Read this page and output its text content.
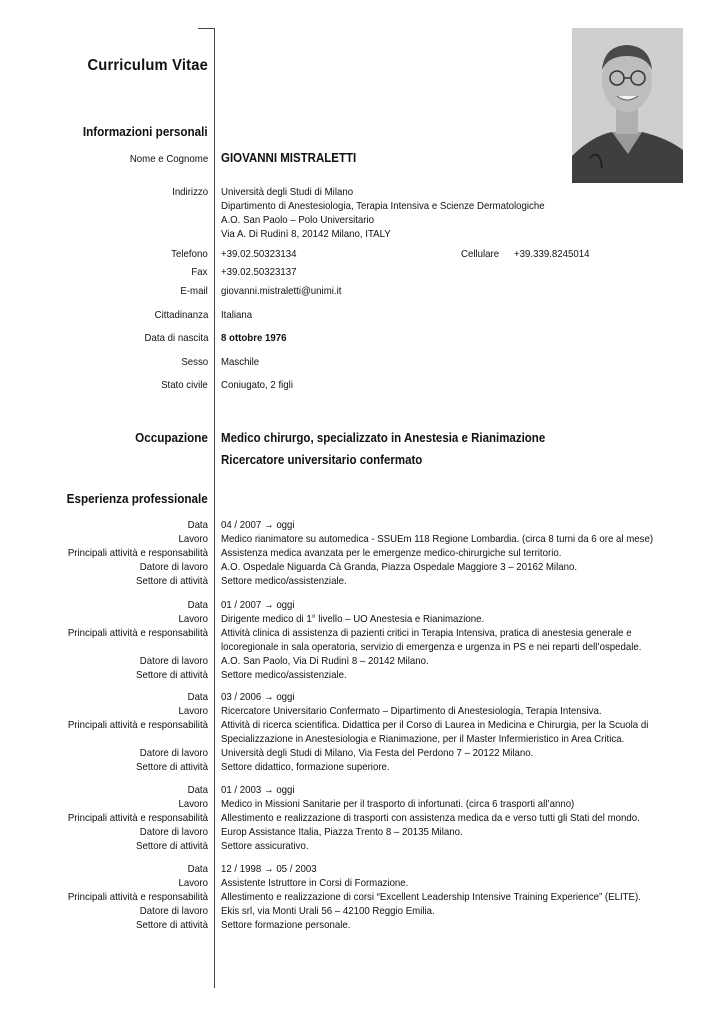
Curriculum Vitae
Informazioni personali
Nome e Cognome GIOVANNI MISTRALETTI
Indirizzo Università degli Studi di Milano
Dipartimento di Anestesiologia, Terapia Intensiva e Scienze Dermatologiche
A.O. San Paolo – Polo Universitario
Via A. Di Rudinì 8, 20142 Milano, ITALY
Telefono +39.02.50323134	Cellulare +39.339.8245014
Fax +39.02.50323137
E-mail giovanni.mistraletti@unimi.it
Cittadinanza Italiana
Data di nascita 8 ottobre 1976
Sesso Maschile
Stato civile Coniugato, 2 figli
Occupazione Medico chirurgo, specializzato in Anestesia e Rianimazione
Ricercatore universitario confermato
Esperienza professionale
Data
Lavoro
Principali attività e responsabilità
Datore di lavoro
Settore di attività
04 / 2007 → oggi
Medico rianimatore su automedica - SSUEm 118 Regione Lombardia. (circa 8 turni da 6 ore al mese)
Assistenza medica avanzata per le emergenze medico-chirurgiche sul territorio.
A.O. Ospedale Niguarda Cà Granda, Piazza Ospedale Maggiore 3 – 20162 Milano.
Settore medico/assistenziale.
Data
Lavoro
Principali attività e responsabilità

Datore di lavoro
Settore di attività
01 / 2007 → oggi
Dirigente medico di 1° livello – UO Anestesia e Rianimazione.
Attività clinica di assistenza di pazienti critici in Terapia Intensiva, pratica di anestesia generale e
locoregionale in sala operatoria, servizio di emergenza e urgenza in PS e nei reparti dell’ospedale.
A.O. San Paolo, Via Di Rudinì 8 – 20142 Milano.
Settore medico/assistenziale.
Data
Lavoro
Principali attività e responsabilità

Datore di lavoro
Settore di attività
03 / 2006 → oggi
Ricercatore Universitario Confermato – Dipartimento di Anestesiologia, Terapia Intensiva.
Attività di ricerca scientifica. Didattica per il Corso di Laurea in Medicina e Chirurgia, per la Scuola di
Specializzazione in Anestesiologia e Rianimazione, per il Master Infermieristico in Area Critica.
Università degli Studi di Milano, Via Festa del Perdono 7 – 20122 Milano.
Settore didattico, formazione superiore.
Data
Lavoro
Principali attività e responsabilità
Datore di lavoro
Settore di attività
01 / 2003 → oggi
Medico in Missioni Sanitarie per il trasporto di infortunati. (circa 6 trasporti all’anno)
Allestimento e realizzazione di trasporti con assistenza medica da e verso tutti gli Stati del mondo.
Europ Assistance Italia, Piazza Trento 8 – 20135 Milano.
Settore assicurativo.
Data
Lavoro
Principali attività e responsabilità
Datore di lavoro
Settore di attività
12 / 1998 → 05 / 2003
Assistente Istruttore in Corsi di Formazione.
Allestimento e realizzazione di corsi “Excellent Leadership Intensive Training Experience” (ELITE).
Ekis srl, via Monti Urali 56 – 42100 Reggio Emilia.
Settore formazione personale.
